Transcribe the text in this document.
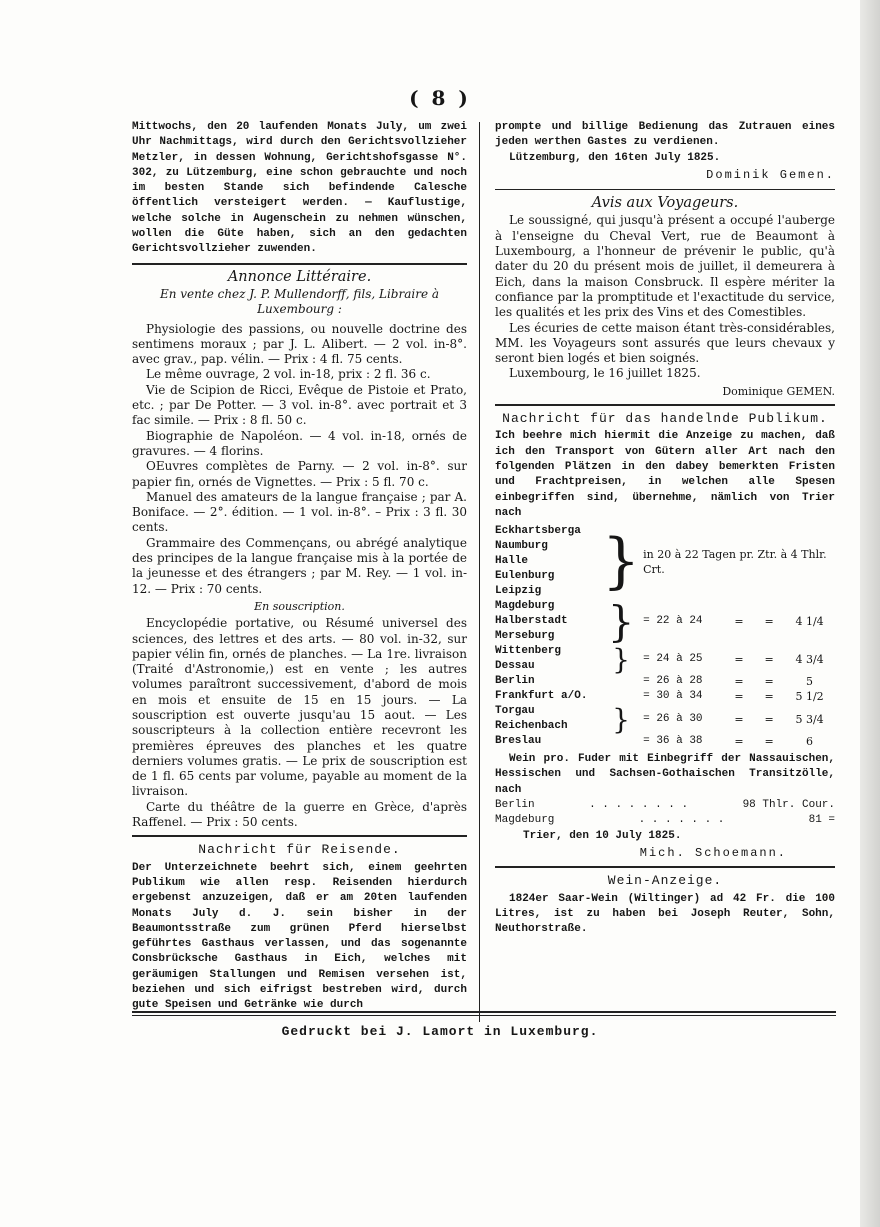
( 8 )

Mittwochs, den 20 laufenden Monats July, um zwei Uhr Nachmittags, wird durch den Gerichtsvollzieher Metzler, in dessen Wohnung, Gerichtshofsgasse N°. 302, zu Lützemburg, eine schon gebrauchte und noch im besten Stande sich befindende Calesche öffentlich versteigert werden. — Kauflustige, welche solche in Augenschein zu nehmen wünschen, wollen die Güte haben, sich an den gedachten Gerichtsvollzieher zuwenden.

Annonce Littéraire.
En vente chez J. P. Mullendorff, fils, Libraire à Luxembourg :

Physiologie des passions, ou nouvelle doctrine des sentimens moraux ; par J. L. Alibert. — 2 vol. in-8°. avec grav., pap. vélin. — Prix : 4 fl. 75 cents.

Le même ouvrage, 2 vol. in-18, prix : 2 fl. 36 c.

Vie de Scipion de Ricci, Evêque de Pistoie et Prato, etc. ; par De Potter. — 3 vol. in-8°. avec portrait et 3 fac simile. — Prix : 8 fl. 50 c.

Biographie de Napoléon. — 4 vol. in-18, ornés de gravures. — 4 florins.

OEuvres complètes de Parny. — 2 vol. in-8°. sur papier fin, ornés de Vignettes. — Prix : 5 fl. 70 c.

Manuel des amateurs de la langue française ; par A. Boniface. — 2°. édition. — 1 vol. in-8°. – Prix : 3 fl. 30 cents.

Grammaire des Commençans, ou abrégé analytique des principes de la langue française mis à la portée de la jeunesse et des étrangers ; par M. Rey. — 1 vol. in-12. — Prix : 70 cents.

En souscription.

Encyclopédie portative, ou Résumé universel des sciences, des lettres et des arts. — 80 vol. in-32, sur papier vélin fin, ornés de planches. — La 1re. livraison (Traité d'Astronomie,) est en vente ; les autres volumes paraîtront successivement, d'abord de mois en mois et ensuite de 15 en 15 jours. — La souscription est ouverte jusqu'au 15 aout. — Les souscripteurs à la collection entière recevront les premières épreuves des planches et les quatre derniers volumes gratis. — Le prix de souscription est de 1 fl. 65 cents par volume, payable au moment de la livraison.

Carte du théâtre de la guerre en Grèce, d'après Raffenel. — Prix : 50 cents.

Nachricht für Reisende.

Der Unterzeichnete beehrt sich, einem geehrten Publikum wie allen resp. Reisenden hierdurch ergebenst anzuzeigen, daß er am 20ten laufenden Monats July d. J. sein bisher in der Beaumontsstraße zum grünen Pferd hierselbst geführtes Gasthaus verlassen, und das sogenannte Consbrücksche Gasthaus in Eich, welches mit geräumigen Stallungen und Remisen versehen ist, beziehen und sich eifrigst bestreben wird, durch gute Speisen und Getränke wie durch

prompte und billige Bedienung das Zutrauen eines jeden werthen Gastes zu verdienen.

Lützemburg, den 16ten July 1825.

Dominik Gemen.
Avis aux Voyageurs.

Le soussigné, qui jusqu'à présent a occupé l'auberge à l'enseigne du Cheval Vert, rue de Beaumont à Luxembourg, a l'honneur de prévenir le public, qu'à dater du 20 du présent mois de juillet, il demeurera à Eich, dans la maison Consbruck. Il espère mériter la confiance par la promptitude et l'exactitude du service, les qualités et les prix des Vins et des Comestibles.

Les écuries de cette maison étant très-considérables, MM. les Voyageurs sont assurés que leurs chevaux y seront bien logés et bien soignés.

Luxembourg, le 16 juillet 1825.

Dominique GEMEN.
Nachricht für das handelnde Publikum.

Ich beehre mich hiermit die Anzeige zu machen, daß ich den Transport von Gütern aller Art nach den folgenden Plätzen in den dabey bemerkten Fristen und Frachtpreisen, in welchen alle Spesen einbegriffen sind, übernehme, nämlich von Trier nach

Eckhartsberga
Naumburg
Halle
Eulenburg
Leipzig	}	in 20 à 22 Tagen pr. Ztr. à 4 Thlr. Crt.			

Magdeburg
Halberstadt
Merseburg	}	= 22 à 24	=	=	4 1/4

Wittenberg
Dessau	}	= 24 à 25	=	=	4 3/4

Berlin		= 26 à 28	=	=	5

Frankfurt a/O.		= 30 à 34	=	=	5 1/2

Torgau
Reichenbach	}	= 26 à 30	=	=	5 3/4

Breslau		= 36 à 38	=	=	6

Wein pro. Fuder mit Einbegriff der Nassauischen, Hessischen und Sachsen-Gothaischen Transitzölle, nach

Berlin	. . . . . . . .	98 Thlr. Cour.
Magdeburg	. . . . . . .	81 =

Trier, den 10 July 1825.

Mich. Schoemann.
Wein-Anzeige.

1824er Saar-Wein (Wiltinger) ad 42 Fr. die 100 Litres, ist zu haben bei Joseph Reuter, Sohn, Neuthorstraße.

Gedruckt bei J. Lamort in Luxemburg.
